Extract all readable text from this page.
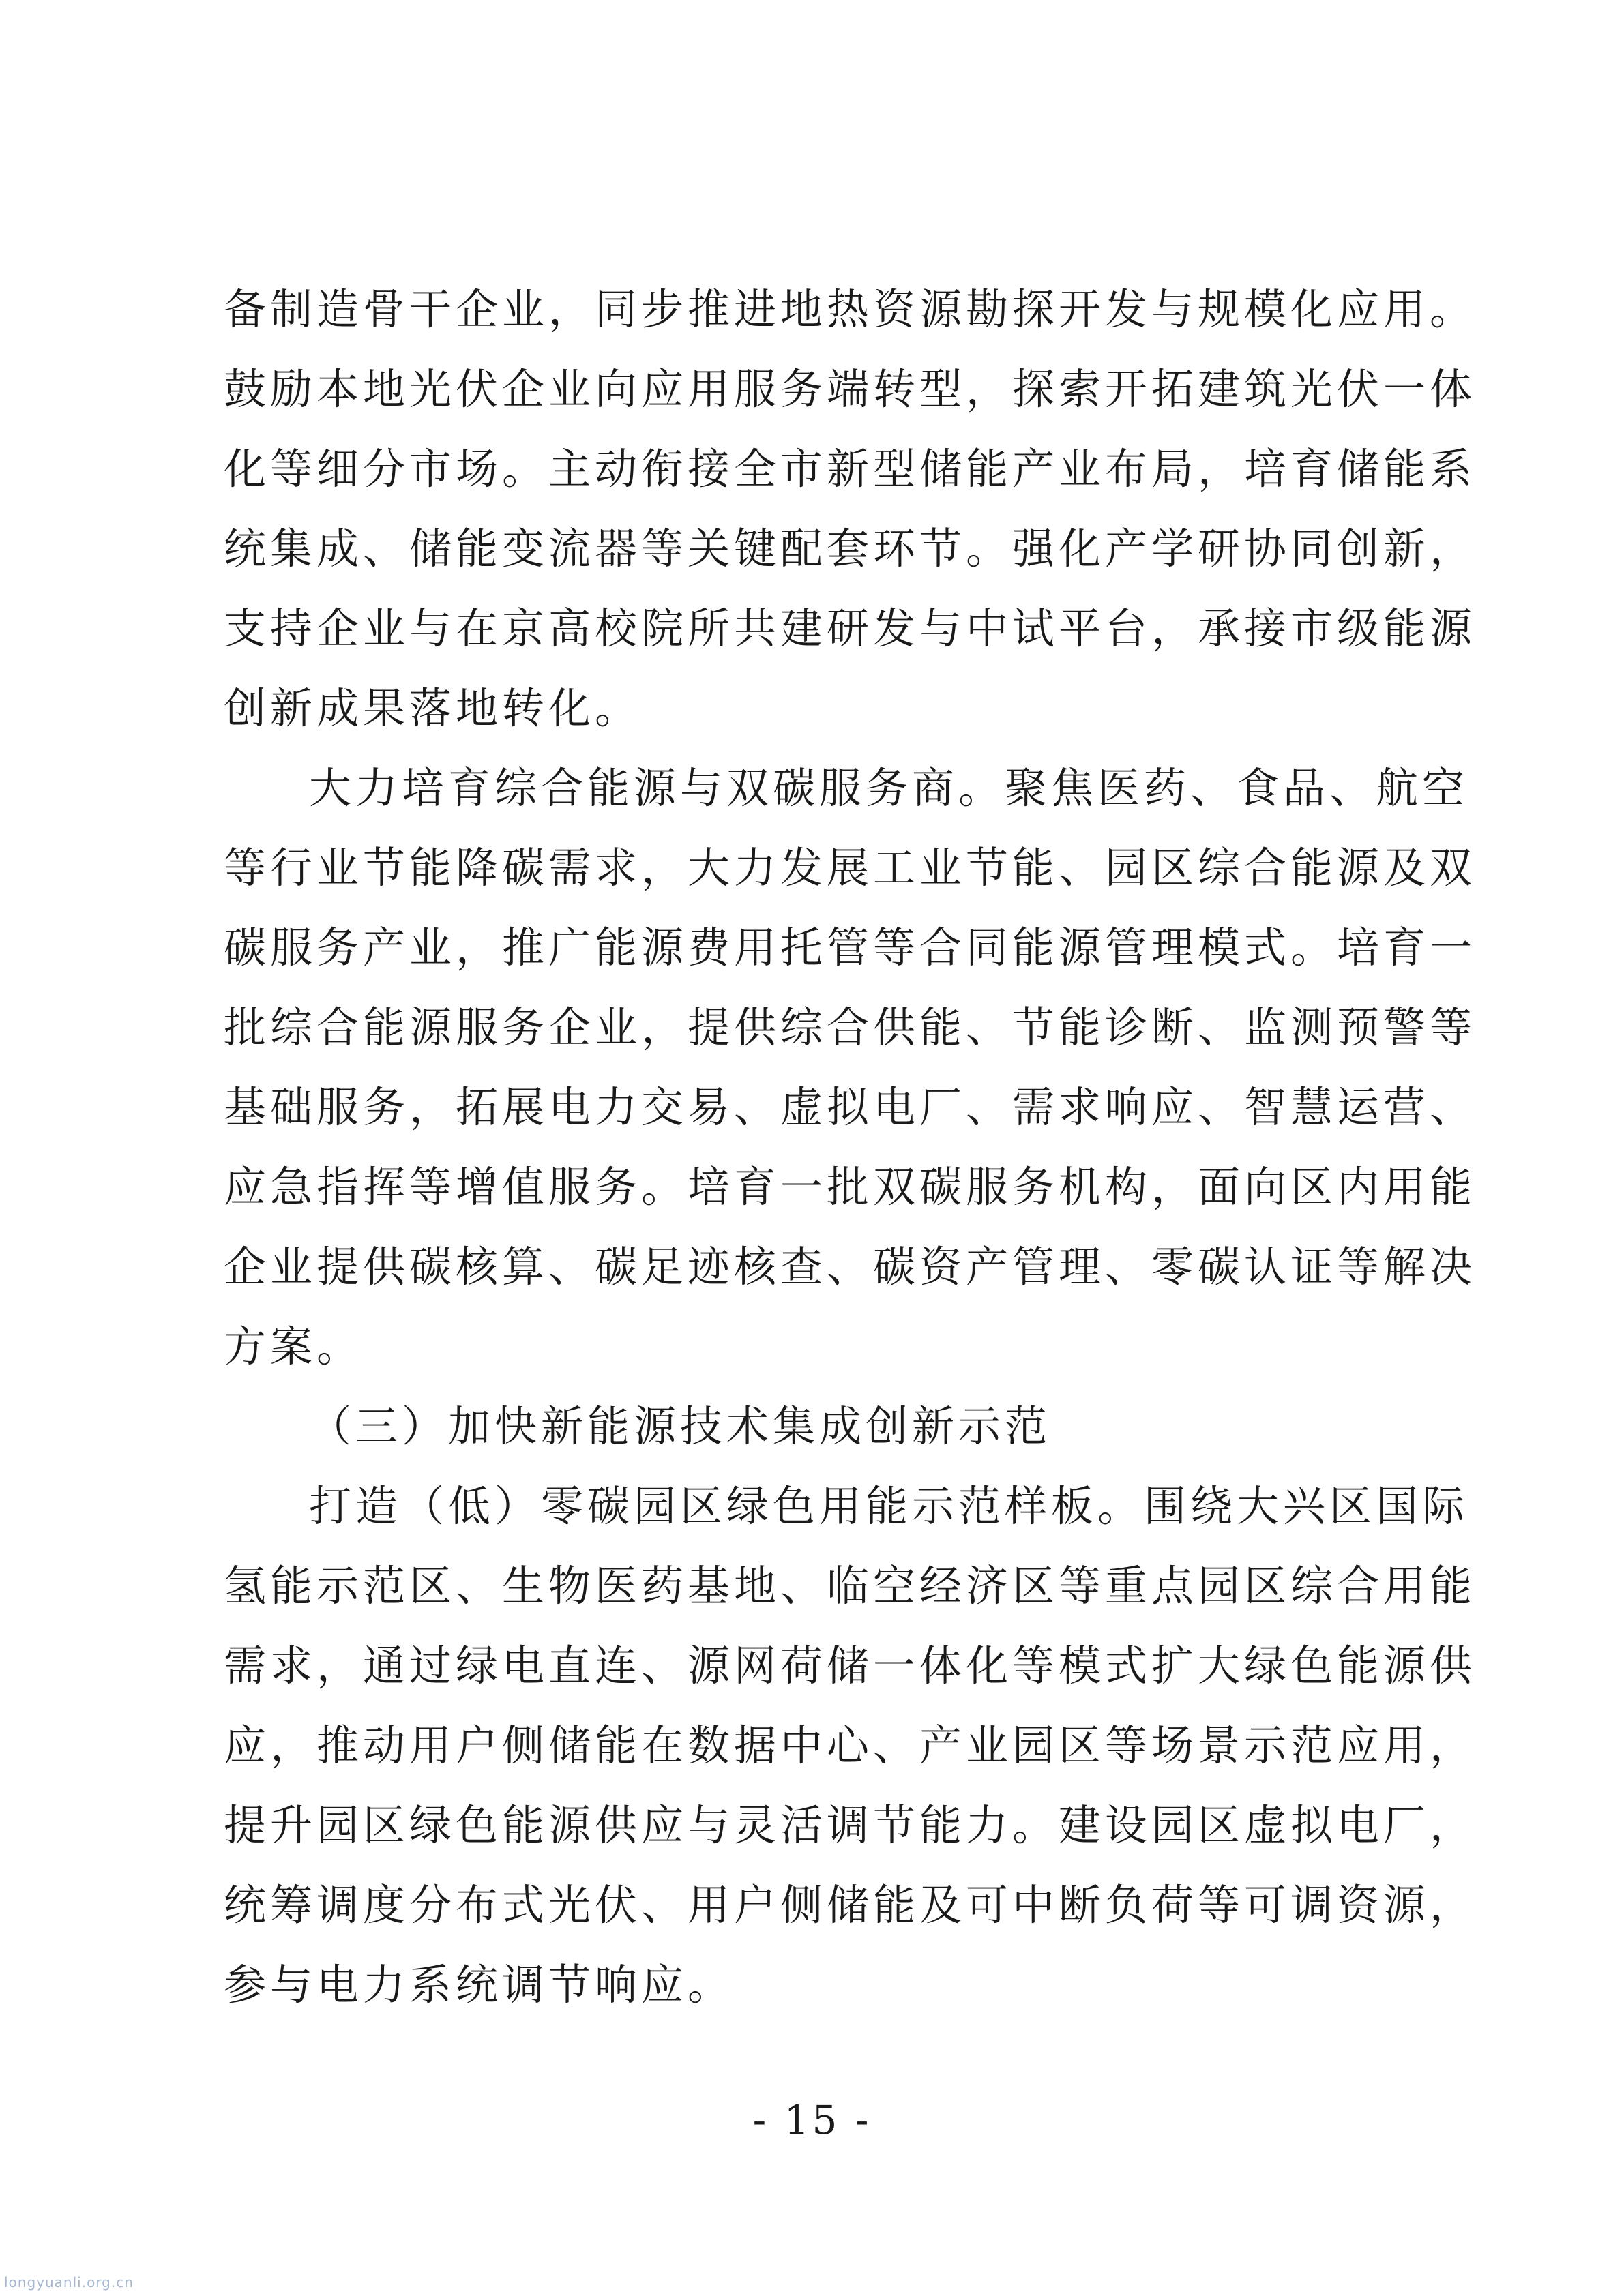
备制造骨干企业，同步推进地热资源勘探开发与规模化应用。
鼓励本地光伏企业向应用服务端转型，探索开拓建筑光伏一体
化等细分市场。主动衔接全市新型储能产业布局，培育储能系
统集成、储能变流器等关键配套环节。强化产学研协同创新，
支持企业与在京高校院所共建研发与中试平台，承接市级能源
创新成果落地转化。
大力培育综合能源与双碳服务商。聚焦医药、食品、航空
等行业节能降碳需求，大力发展工业节能、园区综合能源及双
碳服务产业，推广能源费用托管等合同能源管理模式。培育一
批综合能源服务企业，提供综合供能、节能诊断、监测预警等
基础服务，拓展电力交易、虚拟电厂、需求响应、智慧运营、
应急指挥等增值服务。培育一批双碳服务机构，面向区内用能
企业提供碳核算、碳足迹核查、碳资产管理、零碳认证等解决
方案。
（三）加快新能源技术集成创新示范
打造（低）零碳园区绿色用能示范样板。围绕大兴区国际
氢能示范区、生物医药基地、临空经济区等重点园区综合用能
需求，通过绿电直连、源网荷储一体化等模式扩大绿色能源供
应，推动用户侧储能在数据中心、产业园区等场景示范应用，
提升园区绿色能源供应与灵活调节能力。建设园区虚拟电厂，
统筹调度分布式光伏、用户侧储能及可中断负荷等可调资源，
参与电力系统调节响应。
- 15 -
longyuanli.org.cn
